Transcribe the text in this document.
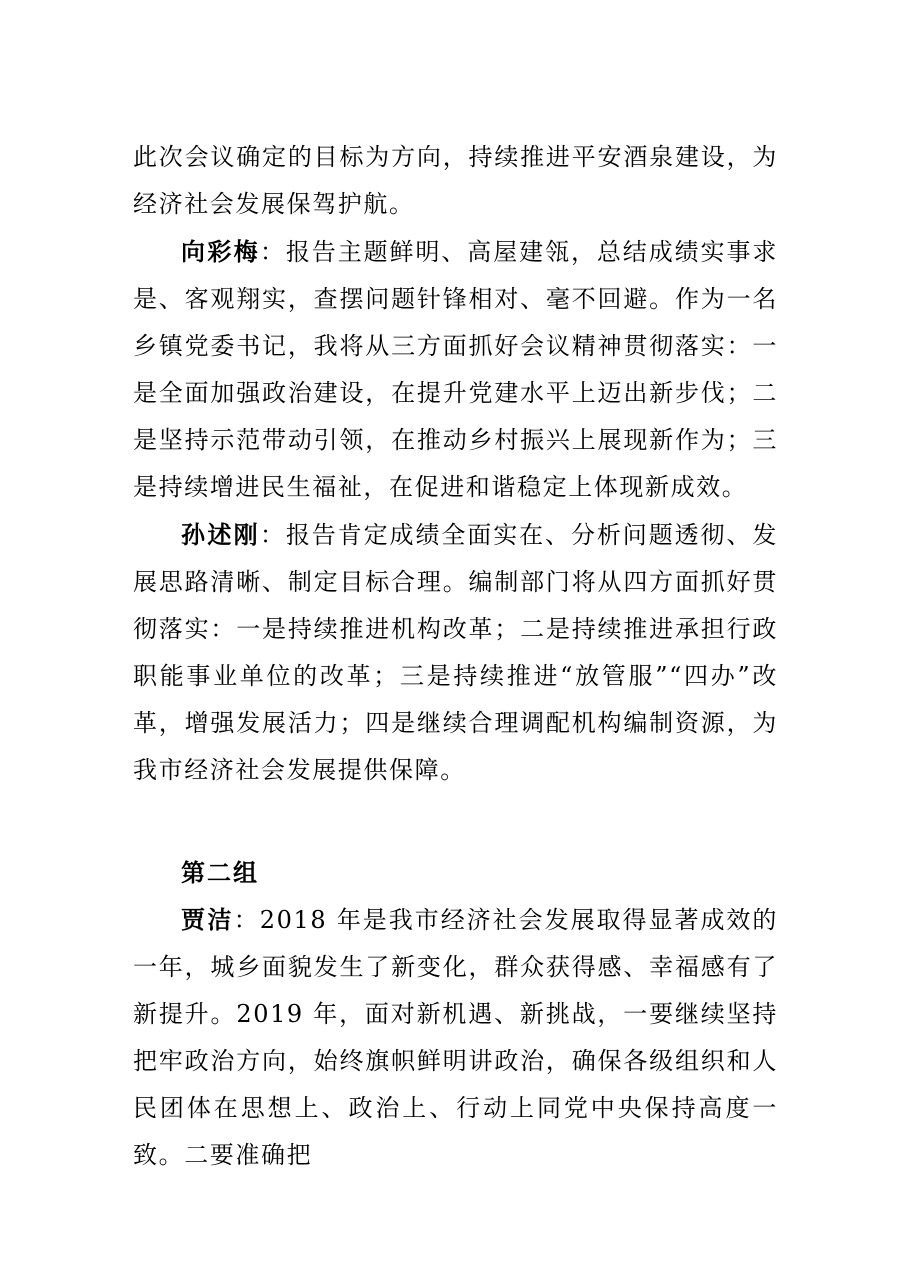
此次会议确定的目标为方向，持续推进平安酒泉建设，为经济社会发展保驾护航。

向彩梅：报告主题鲜明、高屋建瓴，总结成绩实事求是、客观翔实，查摆问题针锋相对、毫不回避。作为一名乡镇党委书记，我将从三方面抓好会议精神贯彻落实：一是全面加强政治建设，在提升党建水平上迈出新步伐；二是坚持示范带动引领，在推动乡村振兴上展现新作为；三是持续增进民生福祉，在促进和谐稳定上体现新成效。

孙述刚：报告肯定成绩全面实在、分析问题透彻、发展思路清晰、制定目标合理。编制部门将从四方面抓好贯彻落实：一是持续推进机构改革；二是持续推进承担行政职能事业单位的改革；三是持续推进“放管服”“四办”改革，增强发展活力；四是继续合理调配机构编制资源，为我市经济社会发展提供保障。

第二组

贾洁：2018 年是我市经济社会发展取得显著成效的一年，城乡面貌发生了新变化，群众获得感、幸福感有了新提升。2019 年，面对新机遇、新挑战，一要继续坚持把牢政治方向，始终旗帜鲜明讲政治，确保各级组织和人民团体在思想上、政治上、行动上同党中央保持高度一致。二要准确把
